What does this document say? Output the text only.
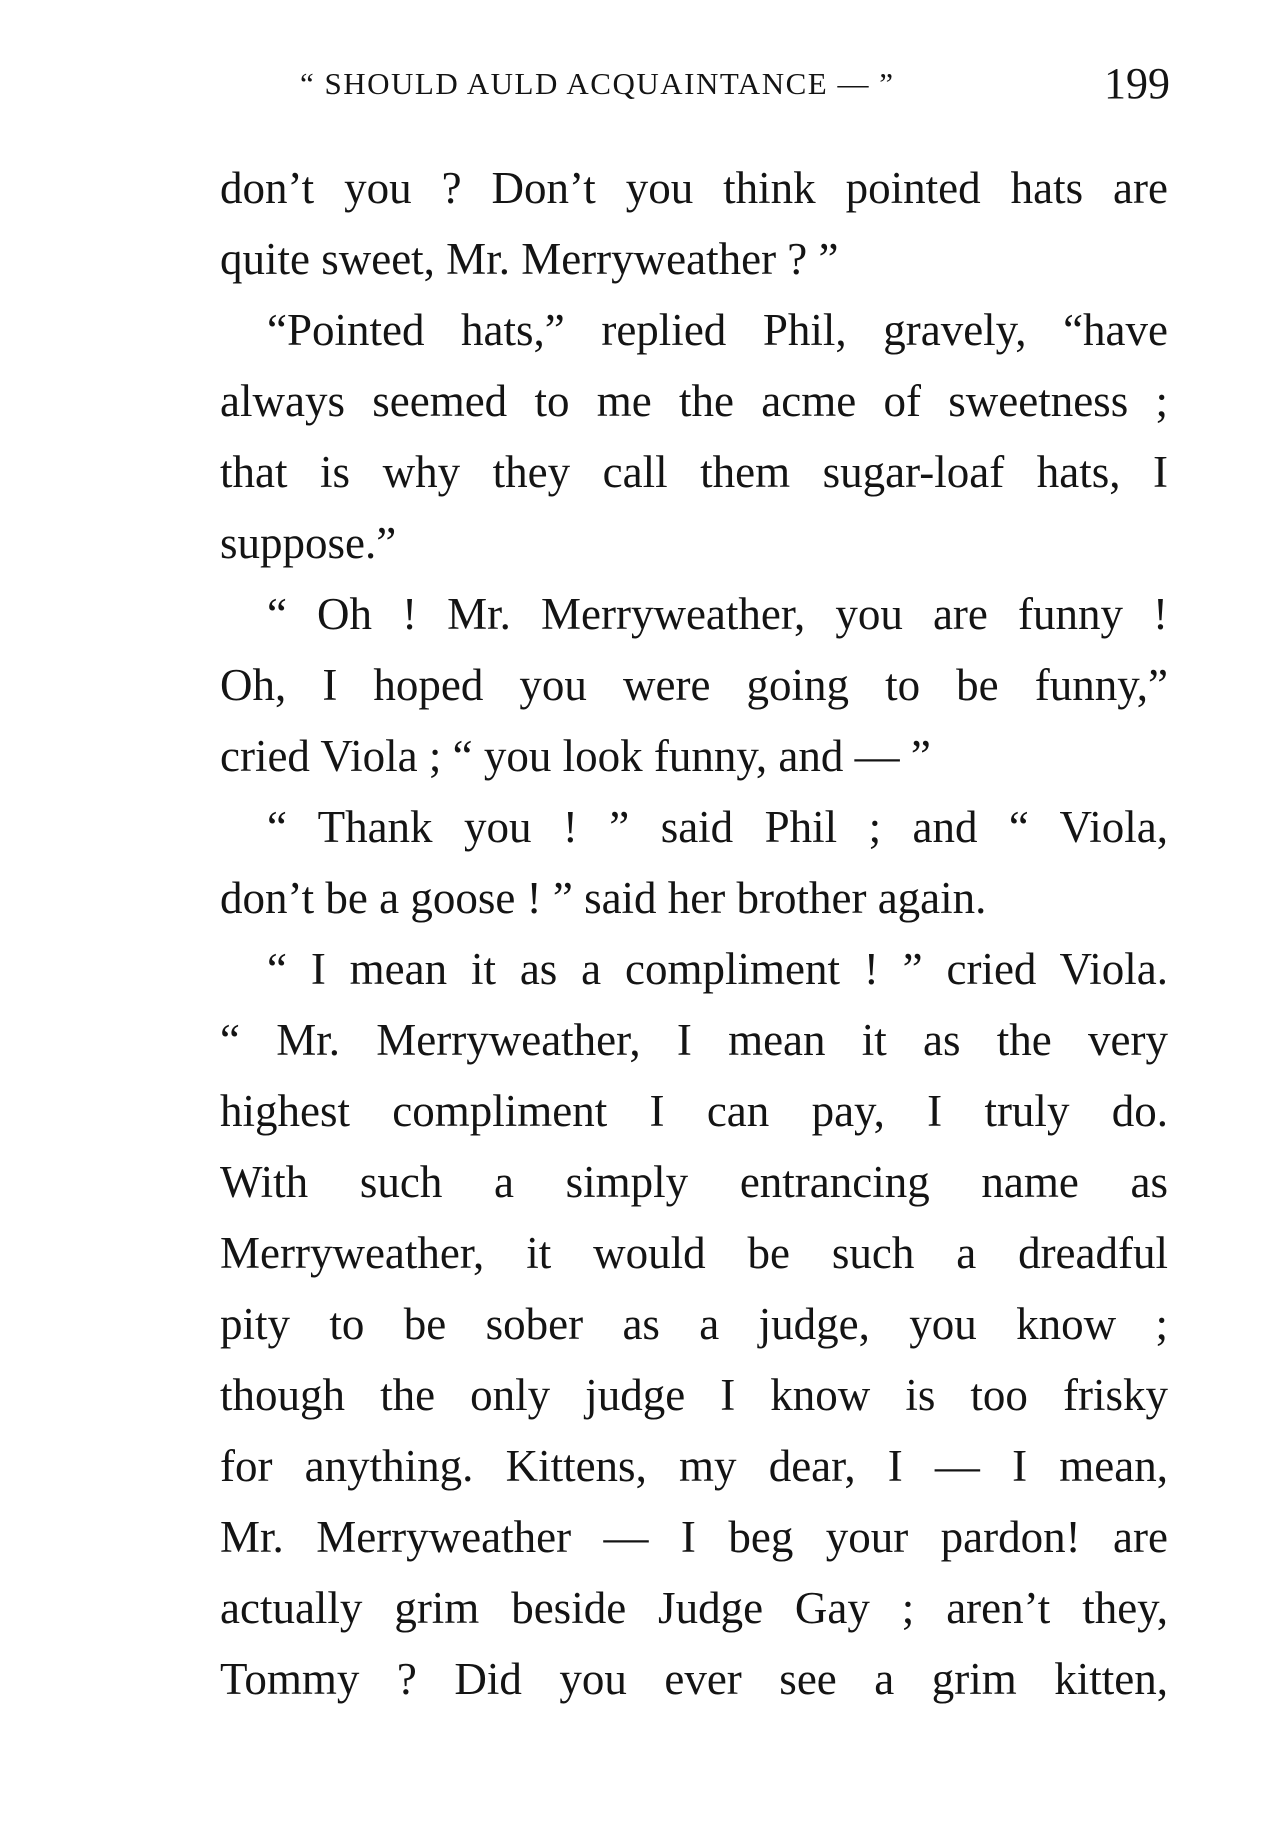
“ SHOULD AULD ACQUAINTANCE — ”	199
don’t you ? Don’t you think pointed hats are
quite sweet, Mr. Merryweather ? ”
“Pointed hats,” replied Phil, gravely, “have
always seemed to me the acme of sweetness ;
that is why they call them sugar-loaf hats, I
suppose.”
“ Oh ! Mr. Merryweather, you are funny !
Oh, I hoped you were going to be funny,”
cried Viola ; “ you look funny, and — ”
“ Thank you ! ” said Phil ; and “ Viola,
don’t be a goose ! ” said her brother again.
“ I mean it as a compliment ! ” cried Viola.
“ Mr. Merryweather, I mean it as the very
highest compliment I can pay, I truly do.
With such a simply entrancing name as
Merryweather, it would be such a dreadful
pity to be sober as a judge, you know ;
though the only judge I know is too frisky
for anything. Kittens, my dear, I — I mean,
Mr. Merryweather — I beg your pardon! are
actually grim beside Judge Gay ; aren’t they,
Tommy ? Did you ever see a grim kitten,
